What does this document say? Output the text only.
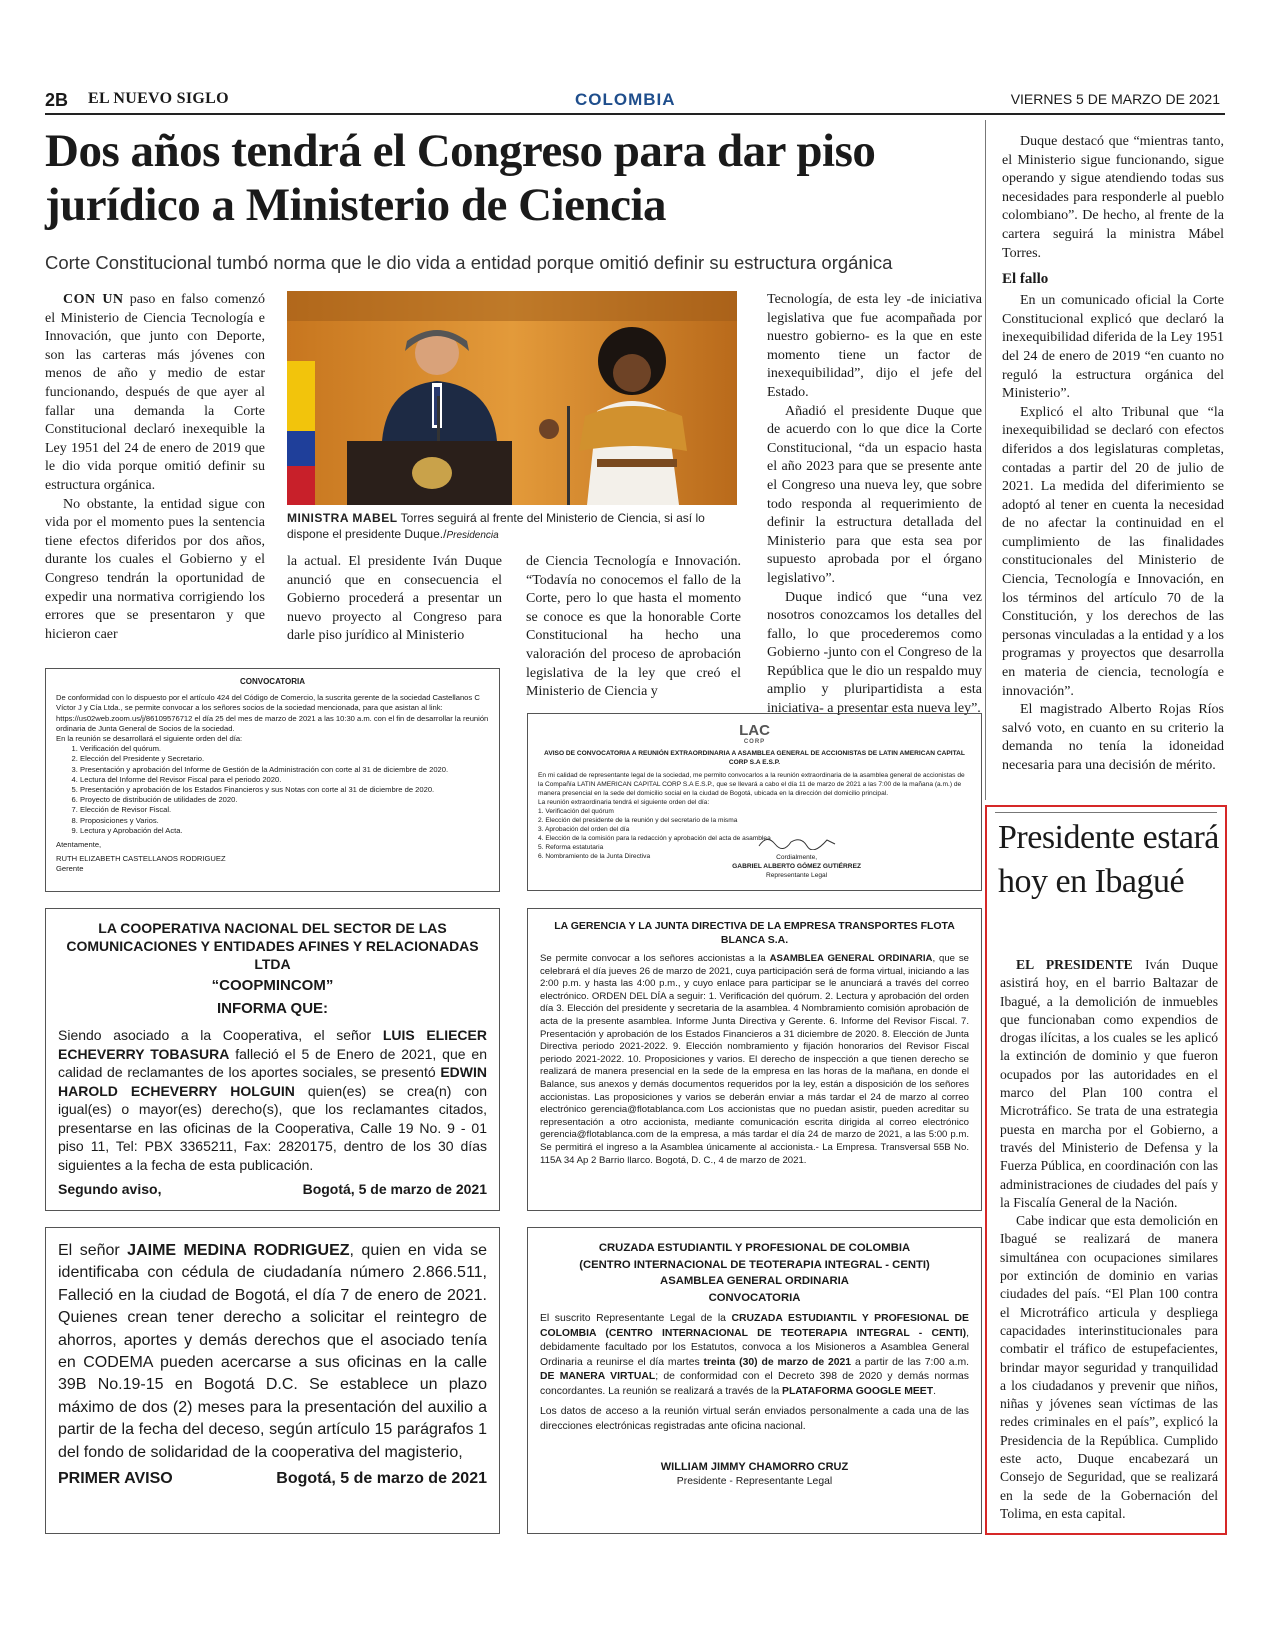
2B EL NUEVO SIGLO	COLOMBIA	VIERNES 5 DE MARZO DE 2021
Dos años tendrá el Congreso para dar piso jurídico a Ministerio de Ciencia
Corte Constitucional tumbó norma que le dio vida a entidad porque omitió definir su estructura orgánica

CON UN paso en falso comenzó el Ministerio de Ciencia Tecnología e Innovación, que junto con Deporte, son las carteras más jóvenes con menos de año y medio de estar funcionando, después de que ayer al fallar una demanda la Corte Constitucional declaró inexequible la Ley 1951 del 24 de enero de 2019 que le dio vida porque omitió definir su estructura orgánica.

No obstante, la entidad sigue con vida por el momento pues la sentencia tiene efectos diferidos por dos años, durante los cuales el Gobierno y el Congreso tendrán la oportunidad de expedir una normativa corrigiendo los errores que se presentaron y que hicieron caer

MINISTRA MABEL Torres seguirá al frente del Ministerio de Ciencia, si así lo dispone el presidente Duque./Presidencia

la actual. El presidente Iván Duque anunció que en consecuencia el Gobierno procederá a presentar un nuevo proyecto al Congreso para darle piso jurídico al Ministerio

de Ciencia Tecnología e Innovación. “Todavía no conocemos el fallo de la Corte, pero lo que hasta el momento se conoce es que la honorable Corte Constitucional ha hecho una valoración del proceso de aprobación legislativa de la ley que creó el Ministerio de Ciencia y

Tecnología, de esta ley -de iniciativa legislativa que fue acompañada por nuestro gobierno- es la que en este momento tiene un factor de inexequibilidad”, dijo el jefe del Estado.

Añadió el presidente Duque que de acuerdo con lo que dice la Corte Constitucional, “da un espacio hasta el año 2023 para que se presente ante el Congreso una nueva ley, que sobre todo responda al requerimiento de definir la estructura detallada del Ministerio para que esta sea por supuesto aprobada por el órgano legislativo”.

Duque indicó que “una vez nosotros conozcamos los detalles del fallo, lo que procederemos como Gobierno -junto con el Congreso de la República que le dio un respaldo muy amplio y pluripartidista a esta iniciativa- a presentar esta nueva ley”.

Duque destacó que “mientras tanto, el Ministerio sigue funcionando, sigue operando y sigue atendiendo todas sus necesidades para responderle al pueblo colombiano”. De hecho, al frente de la cartera seguirá la ministra Mábel Torres.

El fallo

En un comunicado oficial la Corte Constitucional explicó que declaró la inexequibilidad diferida de la Ley 1951 del 24 de enero de 2019 “en cuanto no reguló la estructura orgánica del Ministerio”.

Explicó el alto Tribunal que “la inexequibilidad se declaró con efectos diferidos a dos legislaturas completas, contadas a partir del 20 de julio de 2021. La medida del diferimiento se adoptó al tener en cuenta la necesidad de no afectar la continuidad en el cumplimiento de las finalidades constitucionales del Ministerio de Ciencia, Tecnología e Innovación, en los términos del artículo 70 de la Constitución, y los derechos de las personas vinculadas a la entidad y a los programas y proyectos que desarrolla en materia de ciencia, tecnología e innovación”.

El magistrado Alberto Rojas Ríos salvó voto, en cuanto en su criterio la demanda no tenía la idoneidad necesaria para una decisión de mérito.

CONVOCATORIA

De conformidad con lo dispuesto por el artículo 424 del Código de Comercio, la suscrita gerente de la sociedad Castellanos C Víctor J y Cía Ltda., se permite convocar a los señores socios de la sociedad mencionada, para que asistan al link: https://us02web.zoom.us/j/86109576712 el día 25 del mes de marzo de 2021 a las 10:30 a.m. con el fin de desarrollar la reunión ordinaria de Junta General de Socios de la sociedad.

En la reunión se desarrollará el siguiente orden del día:

1. Verificación del quórum.
2. Elección del Presidente y Secretario.
3. Presentación y aprobación del Informe de Gestión de la Administración con corte al 31 de diciembre de 2020.
4. Lectura del Informe del Revisor Fiscal para el periodo 2020.
5. Presentación y aprobación de los Estados Financieros y sus Notas con corte al 31 de diciembre de 2020.
6. Proyecto de distribución de utilidades de 2020.
7. Elección de Revisor Fiscal.
8. Proposiciones y Varios.
9. Lectura y Aprobación del Acta.

Atentamente,

RUTH ELIZABETH CASTELLANOS RODRIGUEZ

Gerente

LAC
CORP
AVISO DE CONVOCATORIA A REUNIÓN EXTRAORDINARIA A ASAMBLEA GENERAL DE ACCIONISTAS DE LATIN AMERICAN CAPITAL CORP S.A E.S.P.

En mi calidad de representante legal de la sociedad, me permito convocarlos a la reunión extraordinaria de la asamblea general de accionistas de la Compañía LATIN AMERICAN CAPITAL CORP S.A E.S.P., que se llevará a cabo el día 11 de marzo de 2021 a las 7:00 de la mañana (a.m.) de manera presencial en la sede del domicilio social en la ciudad de Bogotá, ubicada en la dirección del domicilio principal.

La reunión extraordinaria tendrá el siguiente orden del día:

1. Verificación del quórum

2. Elección del presidente de la reunión y del secretario de la misma

3. Aprobación del orden del día

4. Elección de la comisión para la redacción y aprobación del acta de asamblea

5. Reforma estatutaria

6. Nombramiento de la Junta Directiva	Cordialmente,
GABRIEL ALBERTO GÓMEZ GUTIÉRREZ
Representante Legal
LA COOPERATIVA NACIONAL DEL SECTOR DE LAS COMUNICACIONES Y ENTIDADES AFINES Y RELACIONADAS LTDA
“COOPMINCOM”
INFORMA QUE:

Siendo asociado a la Cooperativa, el señor LUIS ELIECER ECHEVERRY TOBASURA falleció el 5 de Enero de 2021, que en calidad de reclamantes de los aportes sociales, se presentó EDWIN HAROLD ECHEVERRY HOLGUIN quien(es) se crea(n) con igual(es) o mayor(es) derecho(s), que los reclamantes citados, presentarse en las oficinas de la Cooperativa, Calle 19 No. 9 - 01 piso 11, Tel: PBX 3365211, Fax: 2820175, dentro de los 30 días siguientes a la fecha de esta publicación.

Segundo aviso,	Bogotá, 5 de marzo de 2021
LA GERENCIA Y LA JUNTA DIRECTIVA DE LA EMPRESA TRANSPORTES FLOTA BLANCA S.A.

Se permite convocar a los señores accionistas a la ASAMBLEA GENERAL ORDINARIA, que se celebrará el día jueves 26 de marzo de 2021, cuya participación será de forma virtual, iniciando a las 2:00 p.m. y hasta las 4:00 p.m., y cuyo enlace para participar se le anunciará a través del correo electrónico. ORDEN DEL DÍA a seguir: 1. Verificación del quórum. 2. Lectura y aprobación del orden día 3. Elección del presidente y secretaria de la asamblea. 4 Nombramiento comisión aprobación de acta de la presente asamblea. Informe Junta Directiva y Gerente. 6. Informe del Revisor Fiscal. 7. Presentación y aprobación de los Estados Financieros a 31 diciembre de 2020. 8. Elección de Junta Directiva periodo 2021-2022. 9. Elección nombramiento y fijación honorarios del Revisor Fiscal periodo 2021-2022. 10. Proposiciones y varios. El derecho de inspección a que tienen derecho se realizará de manera presencial en la sede de la empresa en las horas de la mañana, en donde el Balance, sus anexos y demás documentos requeridos por la ley, están a disposición de los señores accionistas. Las proposiciones y varios se deberán enviar a más tardar el 24 de marzo al correo electrónico gerencia@flotablanca.com Los accionistas que no puedan asistir, pueden acreditar su representación a otro accionista, mediante comunicación escrita dirigida al correo electrónico gerencia@flotablanca.com de la empresa, a más tardar el día 24 de marzo de 2021, a las 5:00 p.m. Se permitirá el ingreso a la Asamblea únicamente al accionista.- La Empresa. Transversal 55B No. 115A 34 Ap 2 Barrio llarco. Bogotá, D. C., 4 de marzo de 2021.

El señor JAIME MEDINA RODRIGUEZ, quien en vida se identificaba con cédula de ciudadanía número 2.866.511, Falleció en la ciudad de Bogotá, el día 7 de enero de 2021. Quienes crean tener derecho a solicitar el reintegro de ahorros, aportes y demás derechos que el asociado tenía en CODEMA pueden acercarse a sus oficinas en la calle 39B No.19-15 en Bogotá D.C. Se establece un plazo máximo de dos (2) meses para la presentación del auxilio a partir de la fecha del deceso, según artículo 15 parágrafos 1 del fondo de solidaridad de la cooperativa del magisterio,

PRIMER AVISO	Bogotá, 5 de marzo de 2021
CRUZADA ESTUDIANTIL Y PROFESIONAL DE COLOMBIA
(CENTRO INTERNACIONAL DE TEOTERAPIA INTEGRAL - CENTI)
ASAMBLEA GENERAL ORDINARIA
CONVOCATORIA

El suscrito Representante Legal de la CRUZADA ESTUDIANTIL Y PROFESIONAL DE COLOMBIA (CENTRO INTERNACIONAL DE TEOTERAPIA INTEGRAL - CENTI), debidamente facultado por los Estatutos, convoca a los Misioneros a Asamblea General Ordinaria a reunirse el día martes treinta (30) de marzo de 2021 a partir de las 7:00 a.m. DE MANERA VIRTUAL; de conformidad con el Decreto 398 de 2020 y demás normas concordantes. La reunión se realizará a través de la PLATAFORMA GOOGLE MEET.

Los datos de acceso a la reunión virtual serán enviados personalmente a cada una de las direcciones electrónicas registradas ante oficina nacional.

WILLIAM JIMMY CHAMORRO CRUZ
Presidente - Representante Legal
Presidente estará hoy en Ibagué

EL PRESIDENTE Iván Duque asistirá hoy, en el barrio Baltazar de Ibagué, a la demolición de inmuebles que funcionaban como expendios de drogas ilícitas, a los cuales se les aplicó la extinción de dominio y que fueron ocupados por las autoridades en el marco del Plan 100 contra el Microtráfico. Se trata de una estrategia puesta en marcha por el Gobierno, a través del Ministerio de Defensa y la Fuerza Pública, en coordinación con las administraciones de ciudades del país y la Fiscalía General de la Nación.

Cabe indicar que esta demolición en Ibagué se realizará de manera simultánea con ocupaciones similares por extinción de dominio en varias ciudades del país. “El Plan 100 contra el Microtráfico articula y despliega capacidades interinstitucionales para combatir el tráfico de estupefacientes, brindar mayor seguridad y tranquilidad a los ciudadanos y prevenir que niños, niñas y jóvenes sean víctimas de las redes criminales en el país”, explicó la Presidencia de la República. Cumplido este acto, Duque encabezará un Consejo de Seguridad, que se realizará en la sede de la Gobernación del Tolima, en esta capital.
